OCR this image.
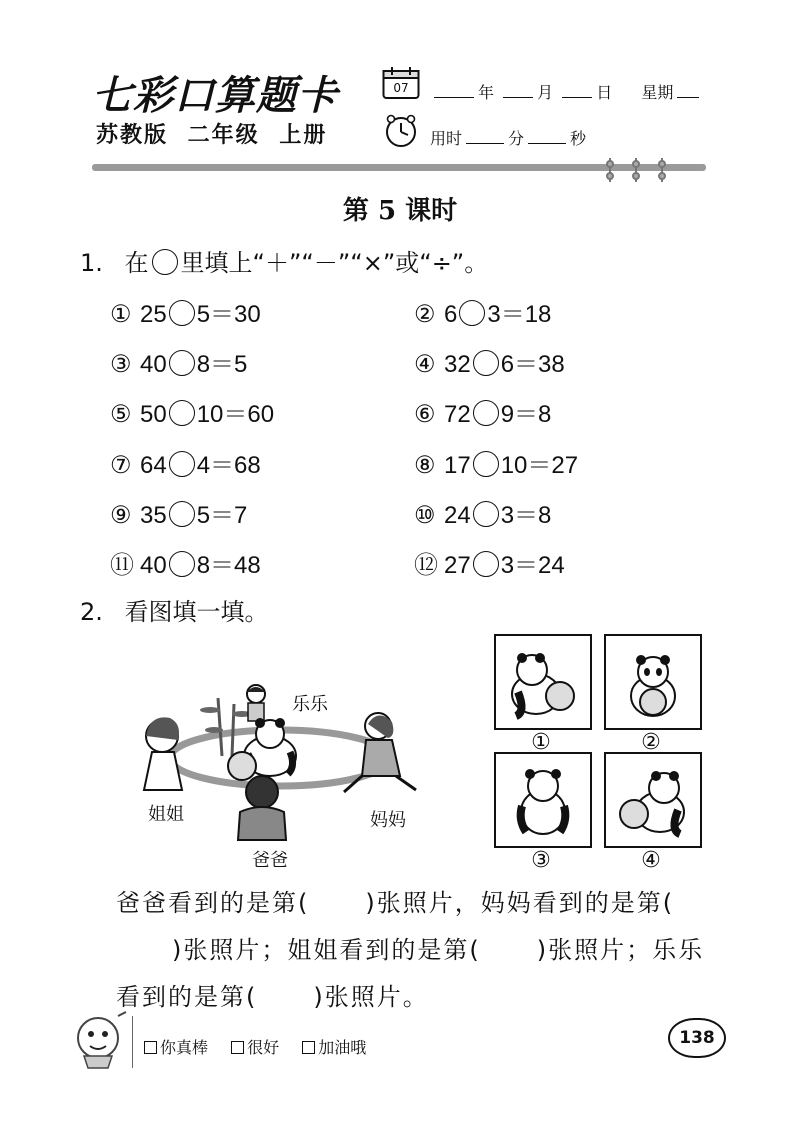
七彩口算题卡
苏教版 二年级 上册
07	年	月	日 星期
用时	分	秒
第 5 课时
1. 在 里填上“＋”“－”“×”或“÷”。
① 25 5＝30	② 6 3＝18
③ 40 8＝5	④ 32 6＝38
⑤ 50 10＝60	⑥ 72 9＝8
⑦ 64 4＝68	⑧ 17 10＝27
⑨ 35 5＝7	⑩ 24 3＝8
⑪ 40 8＝48	⑫ 27 3＝24
2. 看图填一填。
乐乐
姐姐	妈妈
爸爸
①	②
③	④
爸爸看到的是第( )张照片，妈妈看到的是第()张照片；姐姐看到的是第( )张照片；乐乐看到的是第( )张照片。
你真棒 很好 加油哦	138
